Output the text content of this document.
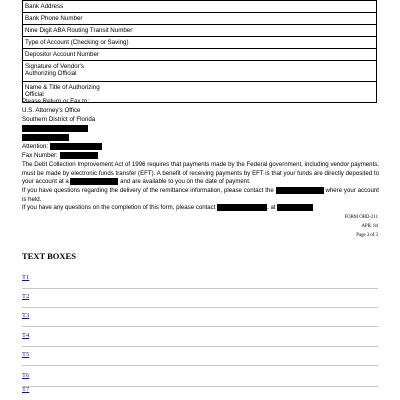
Bank Address
Bank Phone Number
Nine Digit ABA Routing Transit Number
Type of Account (Checking or Saving)
Depositor Account Number

Signature of Vendor's
Authorizing Official

Name & Title of Authorizing
Official
Please Return or Fax to:
U.S. Attorney's Office
Southern District of Florida
Attention:
Fax Number:
The Debt Collection Improvement Act of 1996 requires that payments made by the Federal government, including vendor payments, must be made by electronic funds transfer (EFT). A benefit of receiving payments by EFT is that your funds are directly deposited to your account at a	and are available to you on the date of payment.
If you have questions regarding the delivery of the remittance information, please contact the	where your account is held.
If you have any questions on the completion of this form, please contact	, at
FORM OBD-211
APR. 84
Page 3 of 3
TEXT BOXES
T1
T2
T3
T4
T5
T6
T7
